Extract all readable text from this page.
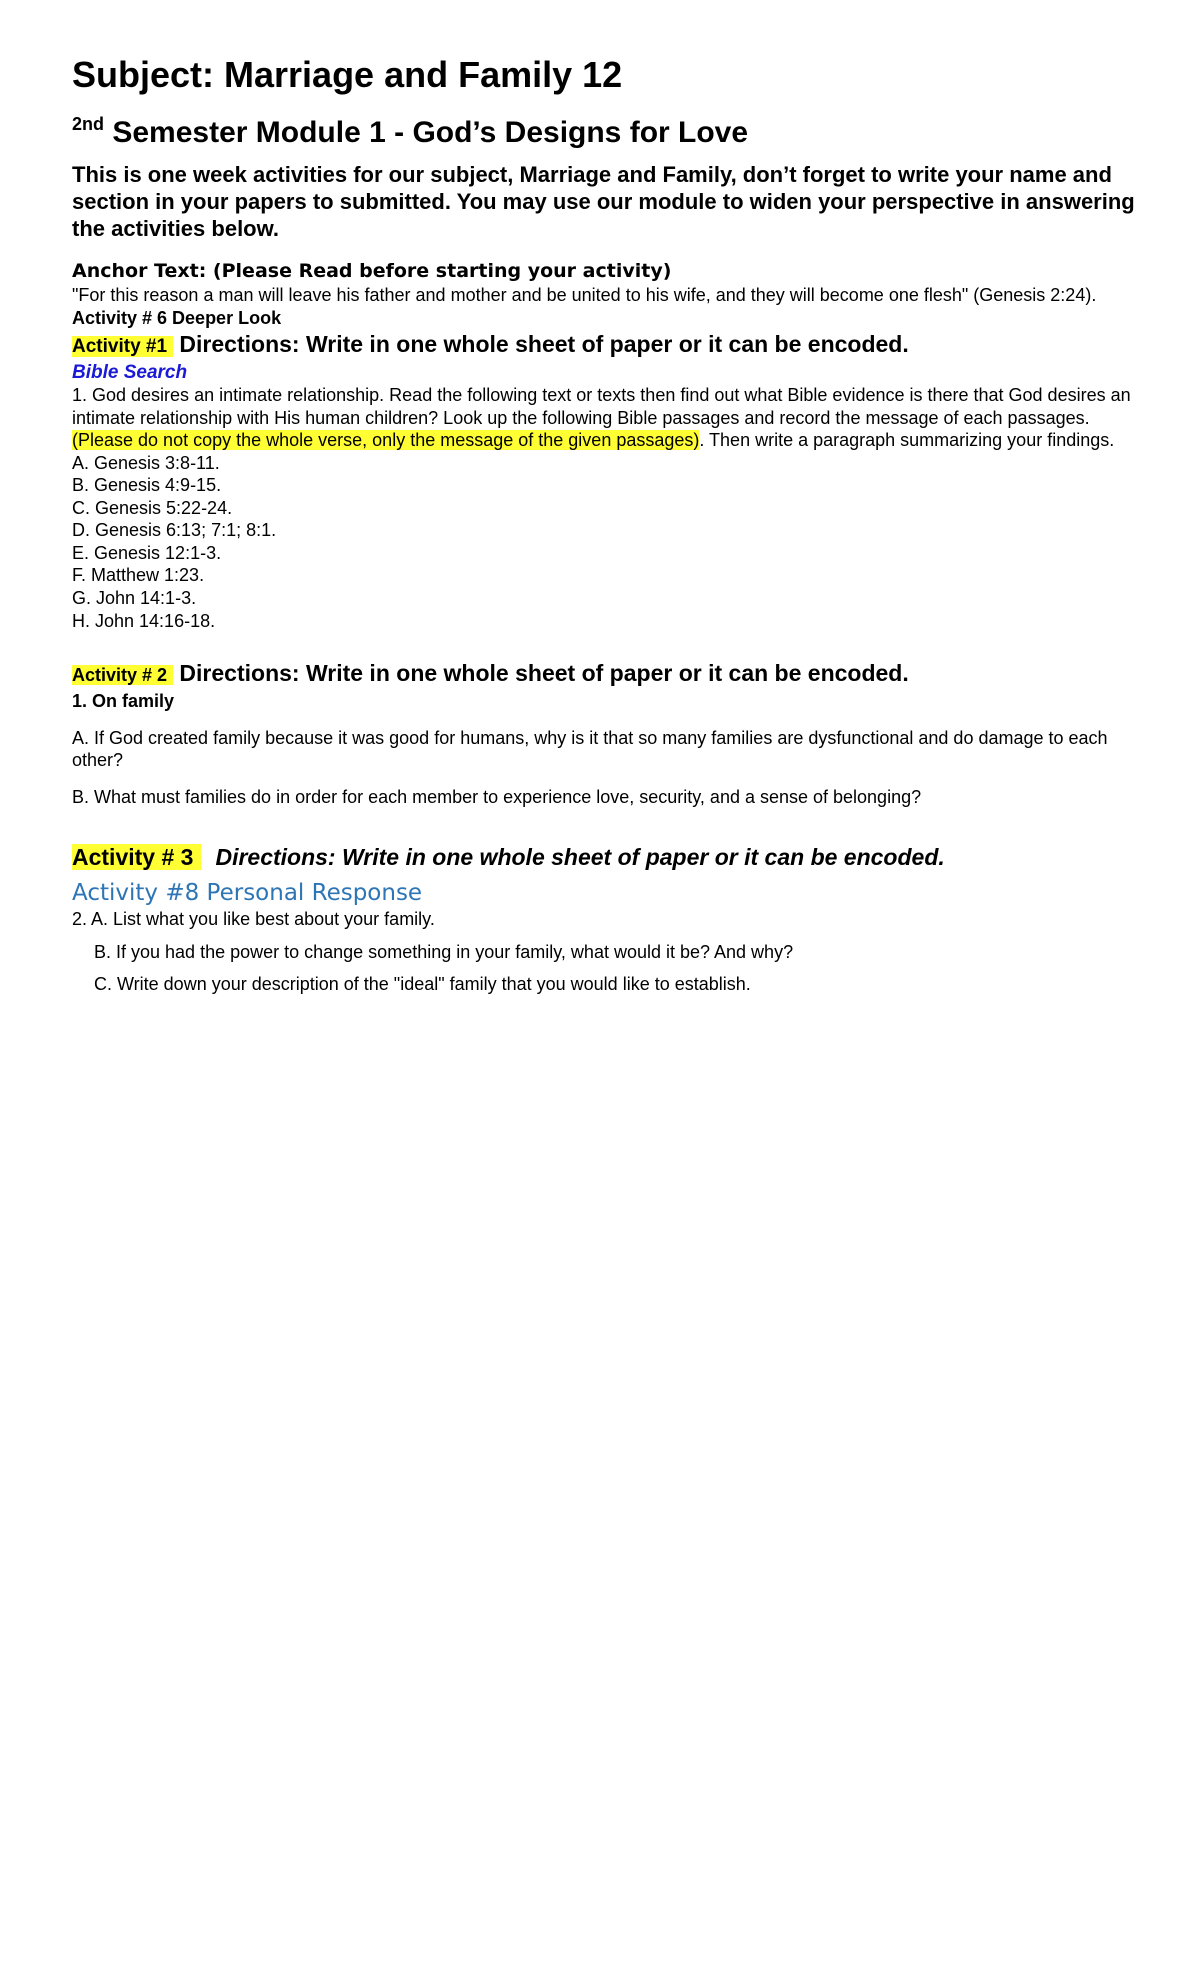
Subject: Marriage and Family 12
$^{2nd}$ Semester Module 1 - God’s Designs for Love

This is one week activities for our subject, Marriage and Family, don’t forget to write your name and section in your papers to submitted. You may use our module to widen your perspective in answering the activities below.

Anchor Text: (Please Read before starting your activity)

"For this reason a man will leave his father and mother and be united to his wife, and they will become one flesh" (Genesis 2:24).

Activity # 6 Deeper Look

Activity #1 Directions: Write in one whole sheet of paper or it can be encoded.

Bible Search

1. God desires an intimate relationship. Read the following text or texts then find out what Bible evidence is there that God desires an intimate relationship with His human children? Look up the following Bible passages and record the message of each passages. (Please do not copy the whole verse, only the message of the given passages). Then write a paragraph summarizing your findings.

A. Genesis 3:8-11.
B. Genesis 4:9-15.
C. Genesis 5:22-24.
D. Genesis 6:13; 7:1; 8:1.
E. Genesis 12:1-3.
F. Matthew 1:23.
G. John 14:1-3.
H. John 14:16-18.

Activity # 2 Directions: Write in one whole sheet of paper or it can be encoded.

1. On family

A. If God created family because it was good for humans, why is it that so many families are dysfunctional and do damage to each other?

B. What must families do in order for each member to experience love, security, and a sense of belonging?

Activity # 3 Directions: Write in one whole sheet of paper or it can be encoded.

Activity #8 Personal Response

2. A. List what you like best about your family.

B. If you had the power to change something in your family, what would it be? And why?

C. Write down your description of the "ideal" family that you would like to establish.
